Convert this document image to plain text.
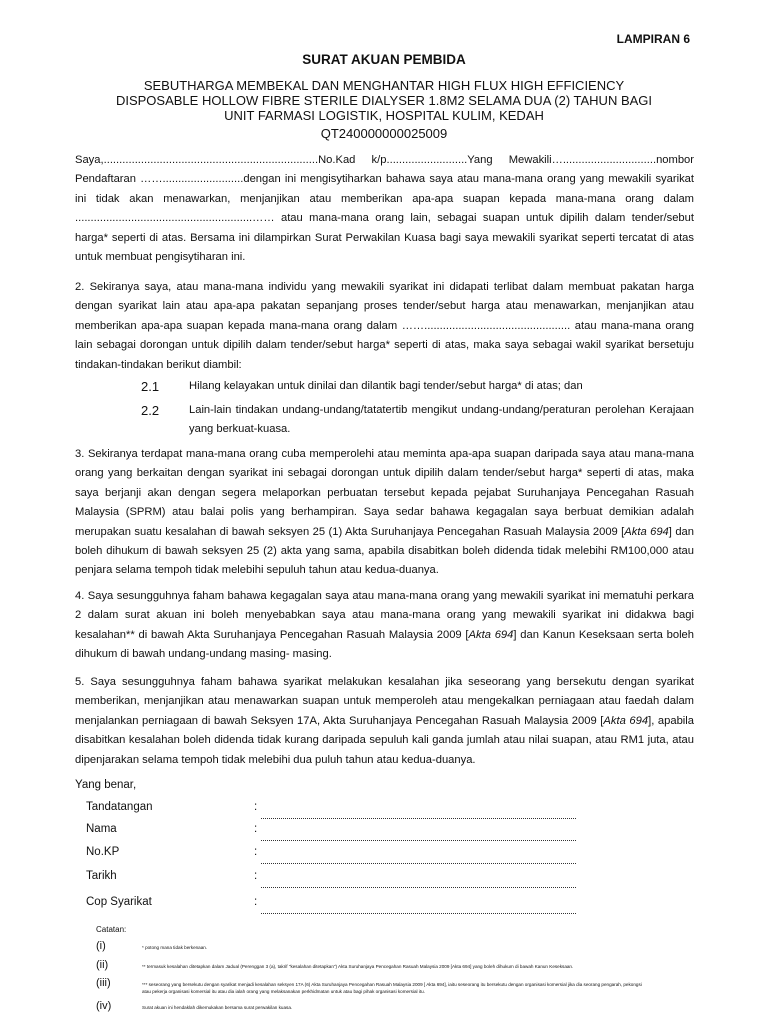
LAMPIRAN 6
SURAT AKUAN PEMBIDA
SEBUTHARGA MEMBEKAL DAN MENGHANTAR HIGH FLUX HIGH EFFICIENCY
DISPOSABLE HOLLOW FIBRE STERILE DIALYSER 1.8M2 SELAMA DUA (2) TAHUN BAGI
UNIT FARMASI LOGISTIK, HOSPITAL KULIM, KEDAH
QT240000000025009
Saya,.....................................................................No.Kad k/p..........................Yang Mewakili…..............................nombor Pendaftaran ……..........................dengan ini mengisytiharkan bahawa saya atau mana-mana orang yang mewakili syarikat ini tidak akan menawarkan, menjanjikan atau memberikan apa-apa suapan kepada mana-mana orang dalam .........................................................…… atau mana-mana orang lain, sebagai suapan untuk dipilih dalam tender/sebut harga* seperti di atas. Bersama ini dilampirkan Surat Perwakilan Kuasa bagi saya mewakili syarikat seperti tercatat di atas untuk membuat pengisytiharan ini.
2. Sekiranya saya, atau mana-mana individu yang mewakili syarikat ini didapati terlibat dalam membuat pakatan harga dengan syarikat lain atau apa-apa pakatan sepanjang proses tender/sebut harga atau menawarkan, menjanjikan atau memberikan apa-apa suapan kepada mana-mana orang dalam ……............................................... atau mana-mana orang lain sebagai dorongan untuk dipilih dalam tender/sebut harga* seperti di atas, maka saya sebagai wakil syarikat bersetuju tindakan-tindakan berikut diambil:
2.1	Hilang kelayakan untuk dinilai dan dilantik bagi tender/sebut harga* di atas; dan
2.2	Lain-lain tindakan undang-undang/tatatertib mengikut undang-undang/peraturan perolehan Kerajaan yang berkuat-kuasa.
3. Sekiranya terdapat mana-mana orang cuba memperolehi atau meminta apa-apa suapan daripada saya atau mana-mana orang yang berkaitan dengan syarikat ini sebagai dorongan untuk dipilih dalam tender/sebut harga* seperti di atas, maka saya berjanji akan dengan segera melaporkan perbuatan tersebut kepada pejabat Suruhanjaya Pencegahan Rasuah Malaysia (SPRM) atau balai polis yang berhampiran. Saya sedar bahawa kegagalan saya berbuat demikian adalah merupakan suatu kesalahan di bawah seksyen 25 (1) Akta Suruhanjaya Pencegahan Rasuah Malaysia 2009 [Akta 694] dan boleh dihukum di bawah seksyen 25 (2) akta yang sama, apabila disabitkan boleh didenda tidak melebihi RM100,000 atau penjara selama tempoh tidak melebihi sepuluh tahun atau kedua-duanya.
4. Saya sesungguhnya faham bahawa kegagalan saya atau mana-mana orang yang mewakili syarikat ini mematuhi perkara 2 dalam surat akuan ini boleh menyebabkan saya atau mana-mana orang yang mewakili syarikat ini didakwa bagi kesalahan** di bawah Akta Suruhanjaya Pencegahan Rasuah Malaysia 2009 [Akta 694] dan Kanun Keseksaan serta boleh dihukum di bawah undang-undang masing- masing.
5. Saya sesungguhnya faham bahawa syarikat melakukan kesalahan jika seseorang yang bersekutu dengan syarikat memberikan, menjanjikan atau menawarkan suapan untuk memperoleh atau mengekalkan perniagaan atau faedah dalam menjalankan perniagaan di bawah Seksyen 17A, Akta Suruhanjaya Pencegahan Rasuah Malaysia 2009 [Akta 694], apabila disabitkan kesalahan boleh didenda tidak kurang daripada sepuluh kali ganda jumlah atau nilai suapan, atau RM1 juta, atau dipenjarakan selama tempoh tidak melebihi dua puluh tahun atau kedua-duanya.
Yang benar,
Tandatangan	:
Nama	:
No.KP	:
Tarikh	:
Cop Syarikat	:
Catatan:
(i)	* potong mana tidak berkenaan.
(ii)	** termasuk kesalahan ditetapkan dalam Jadual (Perenggan 3 (a), takrif "kesalahan ditetapkan") Akta Suruhanjaya Pencegahan Rasuah Malaysia 2009 [Akta 694] yang boleh dihukum di bawah Kanun Keseksaan.
(iii)	*** seseorang yang bersekutu dengan syarikat menjadi kesalahan seksyen 17A (6) Akta Suruhanjaya Pencegahan Rasuah Malaysia 2009 [ Akta 694], iaitu seseorang itu bersekutu dengan organisasi komersial jika dia seorang pengarah, pekongsi atau pekerja organisasi komersial itu atau dia ialah orang yang melaksanakan perkhidmatan untuk atau bagi pihak organisasi komersial itu.
(iv)	Surat akuan ini hendaklah dikemukakan bersama surat perwakilan kuasa.
